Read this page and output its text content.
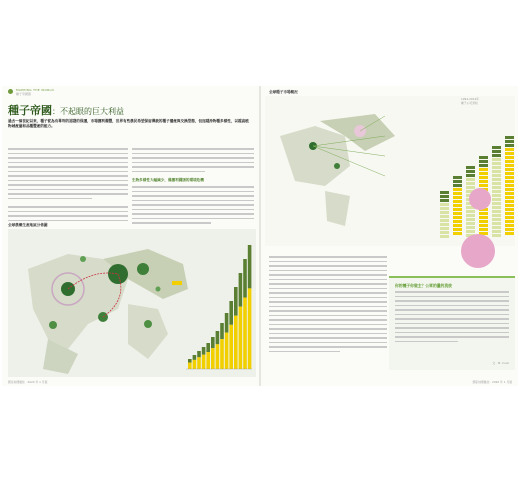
MAPPING THE WORLD
種子帝國篇
種子帝國：不起眼的巨大利益
過去一個世紀以來，種子從為有專利的認證的保護，市場獲利潤豐，世界有些農民希望保留傳統的種子播產與交換型態，但而越持物種多樣性，以越高植物城產量和品種豐產的能力。
生物多樣性大幅減少，偶獲利潤誘的環境危機
全球農藥生產地區分佈圖
國家地理雜誌 ‧ 2020 年 1 月號
全球種子市場概況
1994-2014年
種子公司營收
你的種子你做主？公眾的量的流彼
文 ‧ M. Cuoil
國家地理雜誌 ‧ 2020 年 1 月號
